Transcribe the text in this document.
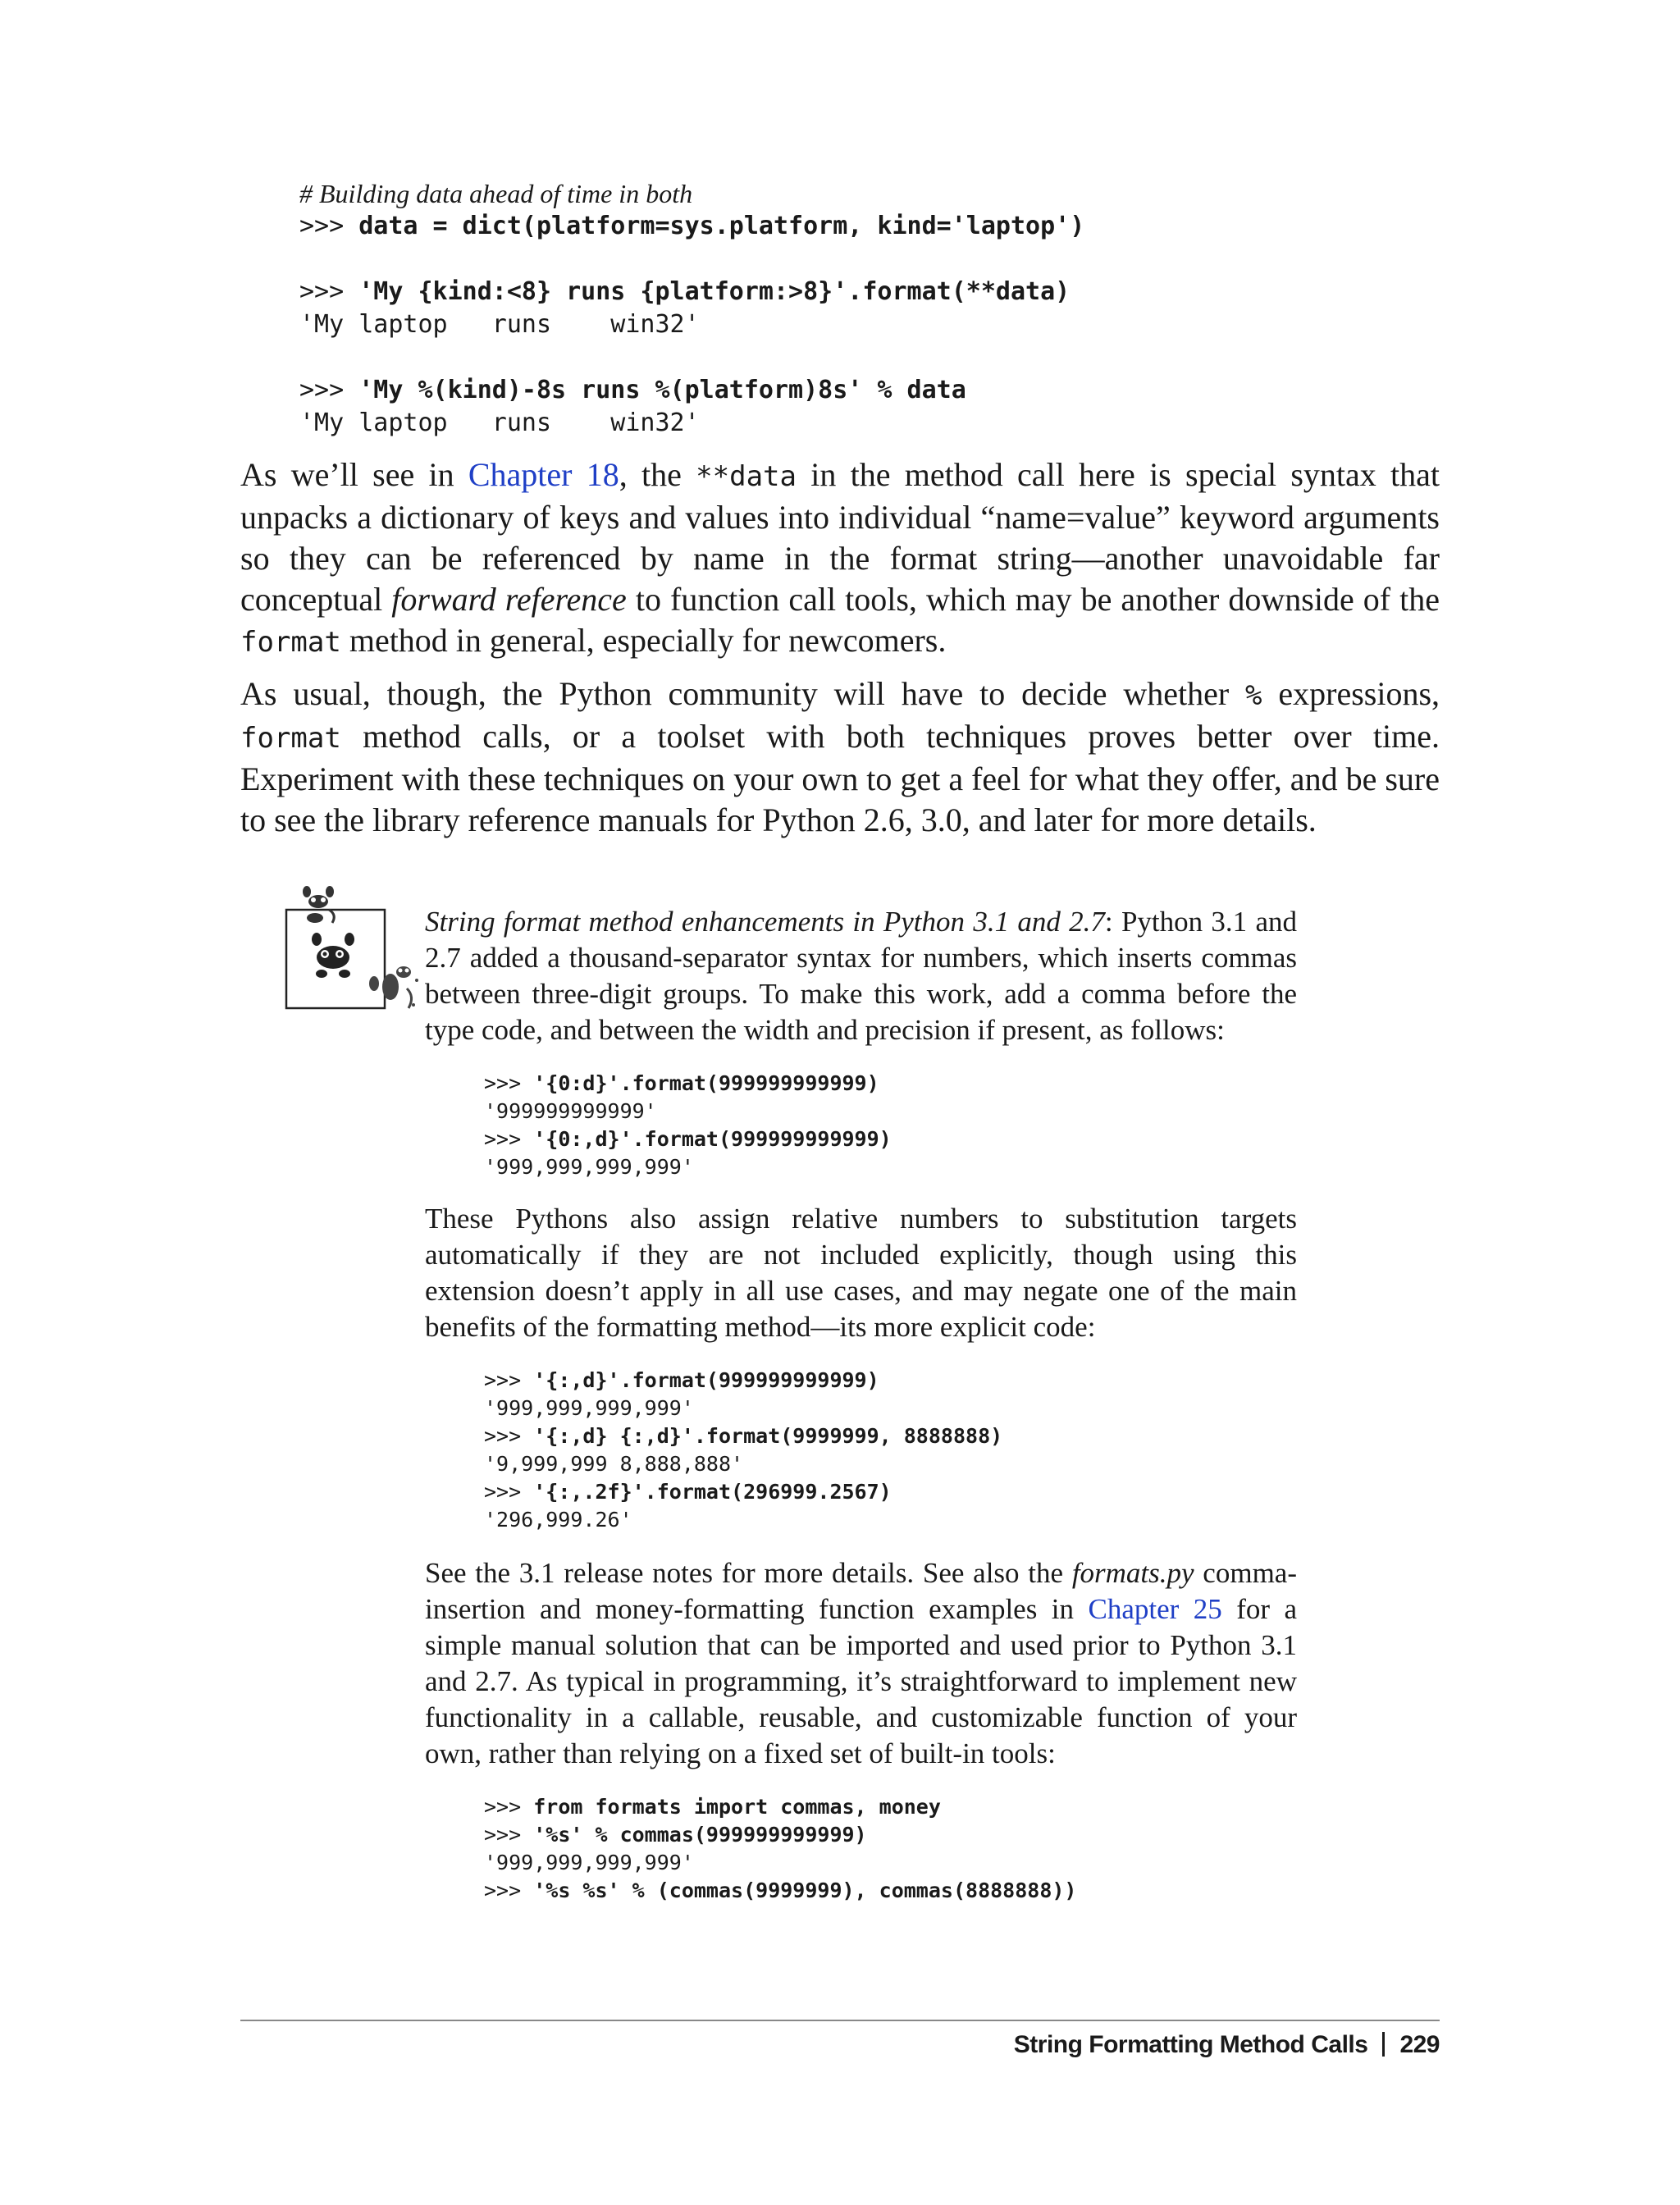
# Building data ahead of time in both
>>> data = dict(platform=sys.platform, kind='laptop')
>>> 'My {kind:<8} runs {platform:>8}'.format(**data)
'My laptop   runs    win32'
>>> 'My %(kind)-8s runs %(platform)8s' % data
'My laptop   runs    win32'

As we’ll see in Chapter 18, the **data in the method call here is special syntax that unpacks a dictionary of keys and values into individual “name=value” keyword arguments so they can be referenced by name in the format string—another unavoidable far conceptual forward reference to function call tools, which may be another downside of the format method in general, especially for newcomers.

As usual, though, the Python community will have to decide whether % expressions, format method calls, or a toolset with both techniques proves better over time. Experiment with these techniques on your own to get a feel for what they offer, and be sure to see the library reference manuals for Python 2.6, 3.0, and later for more details.

String format method enhancements in Python 3.1 and 2.7: Python 3.1 and 2.7 added a thousand-separator syntax for numbers, which inserts commas between three-digit groups. To make this work, add a comma before the type code, and between the width and precision if present, as follows:

>>> '{0:d}'.format(999999999999)
'999999999999'
>>> '{0:,d}'.format(999999999999)
'999,999,999,999'

These Pythons also assign relative numbers to substitution targets automatically if they are not included explicitly, though using this extension doesn’t apply in all use cases, and may negate one of the main benefits of the formatting method—its more explicit code:

>>> '{:,d}'.format(999999999999)
'999,999,999,999'
>>> '{:,d} {:,d}'.format(9999999, 8888888)
'9,999,999 8,888,888'
>>> '{:,.2f}'.format(296999.2567)
'296,999.26'

See the 3.1 release notes for more details. See also the formats.py comma-insertion and money-formatting function examples in Chapter 25 for a simple manual solution that can be imported and used prior to Python 3.1 and 2.7. As typical in programming, it’s straightforward to implement new functionality in a callable, reusable, and customizable function of your own, rather than relying on a fixed set of built-in tools:

>>> from formats import commas, money
>>> '%s' % commas(999999999999)
'999,999,999,999'
>>> '%s %s' % (commas(9999999), commas(8888888))
String Formatting Method Calls 229
